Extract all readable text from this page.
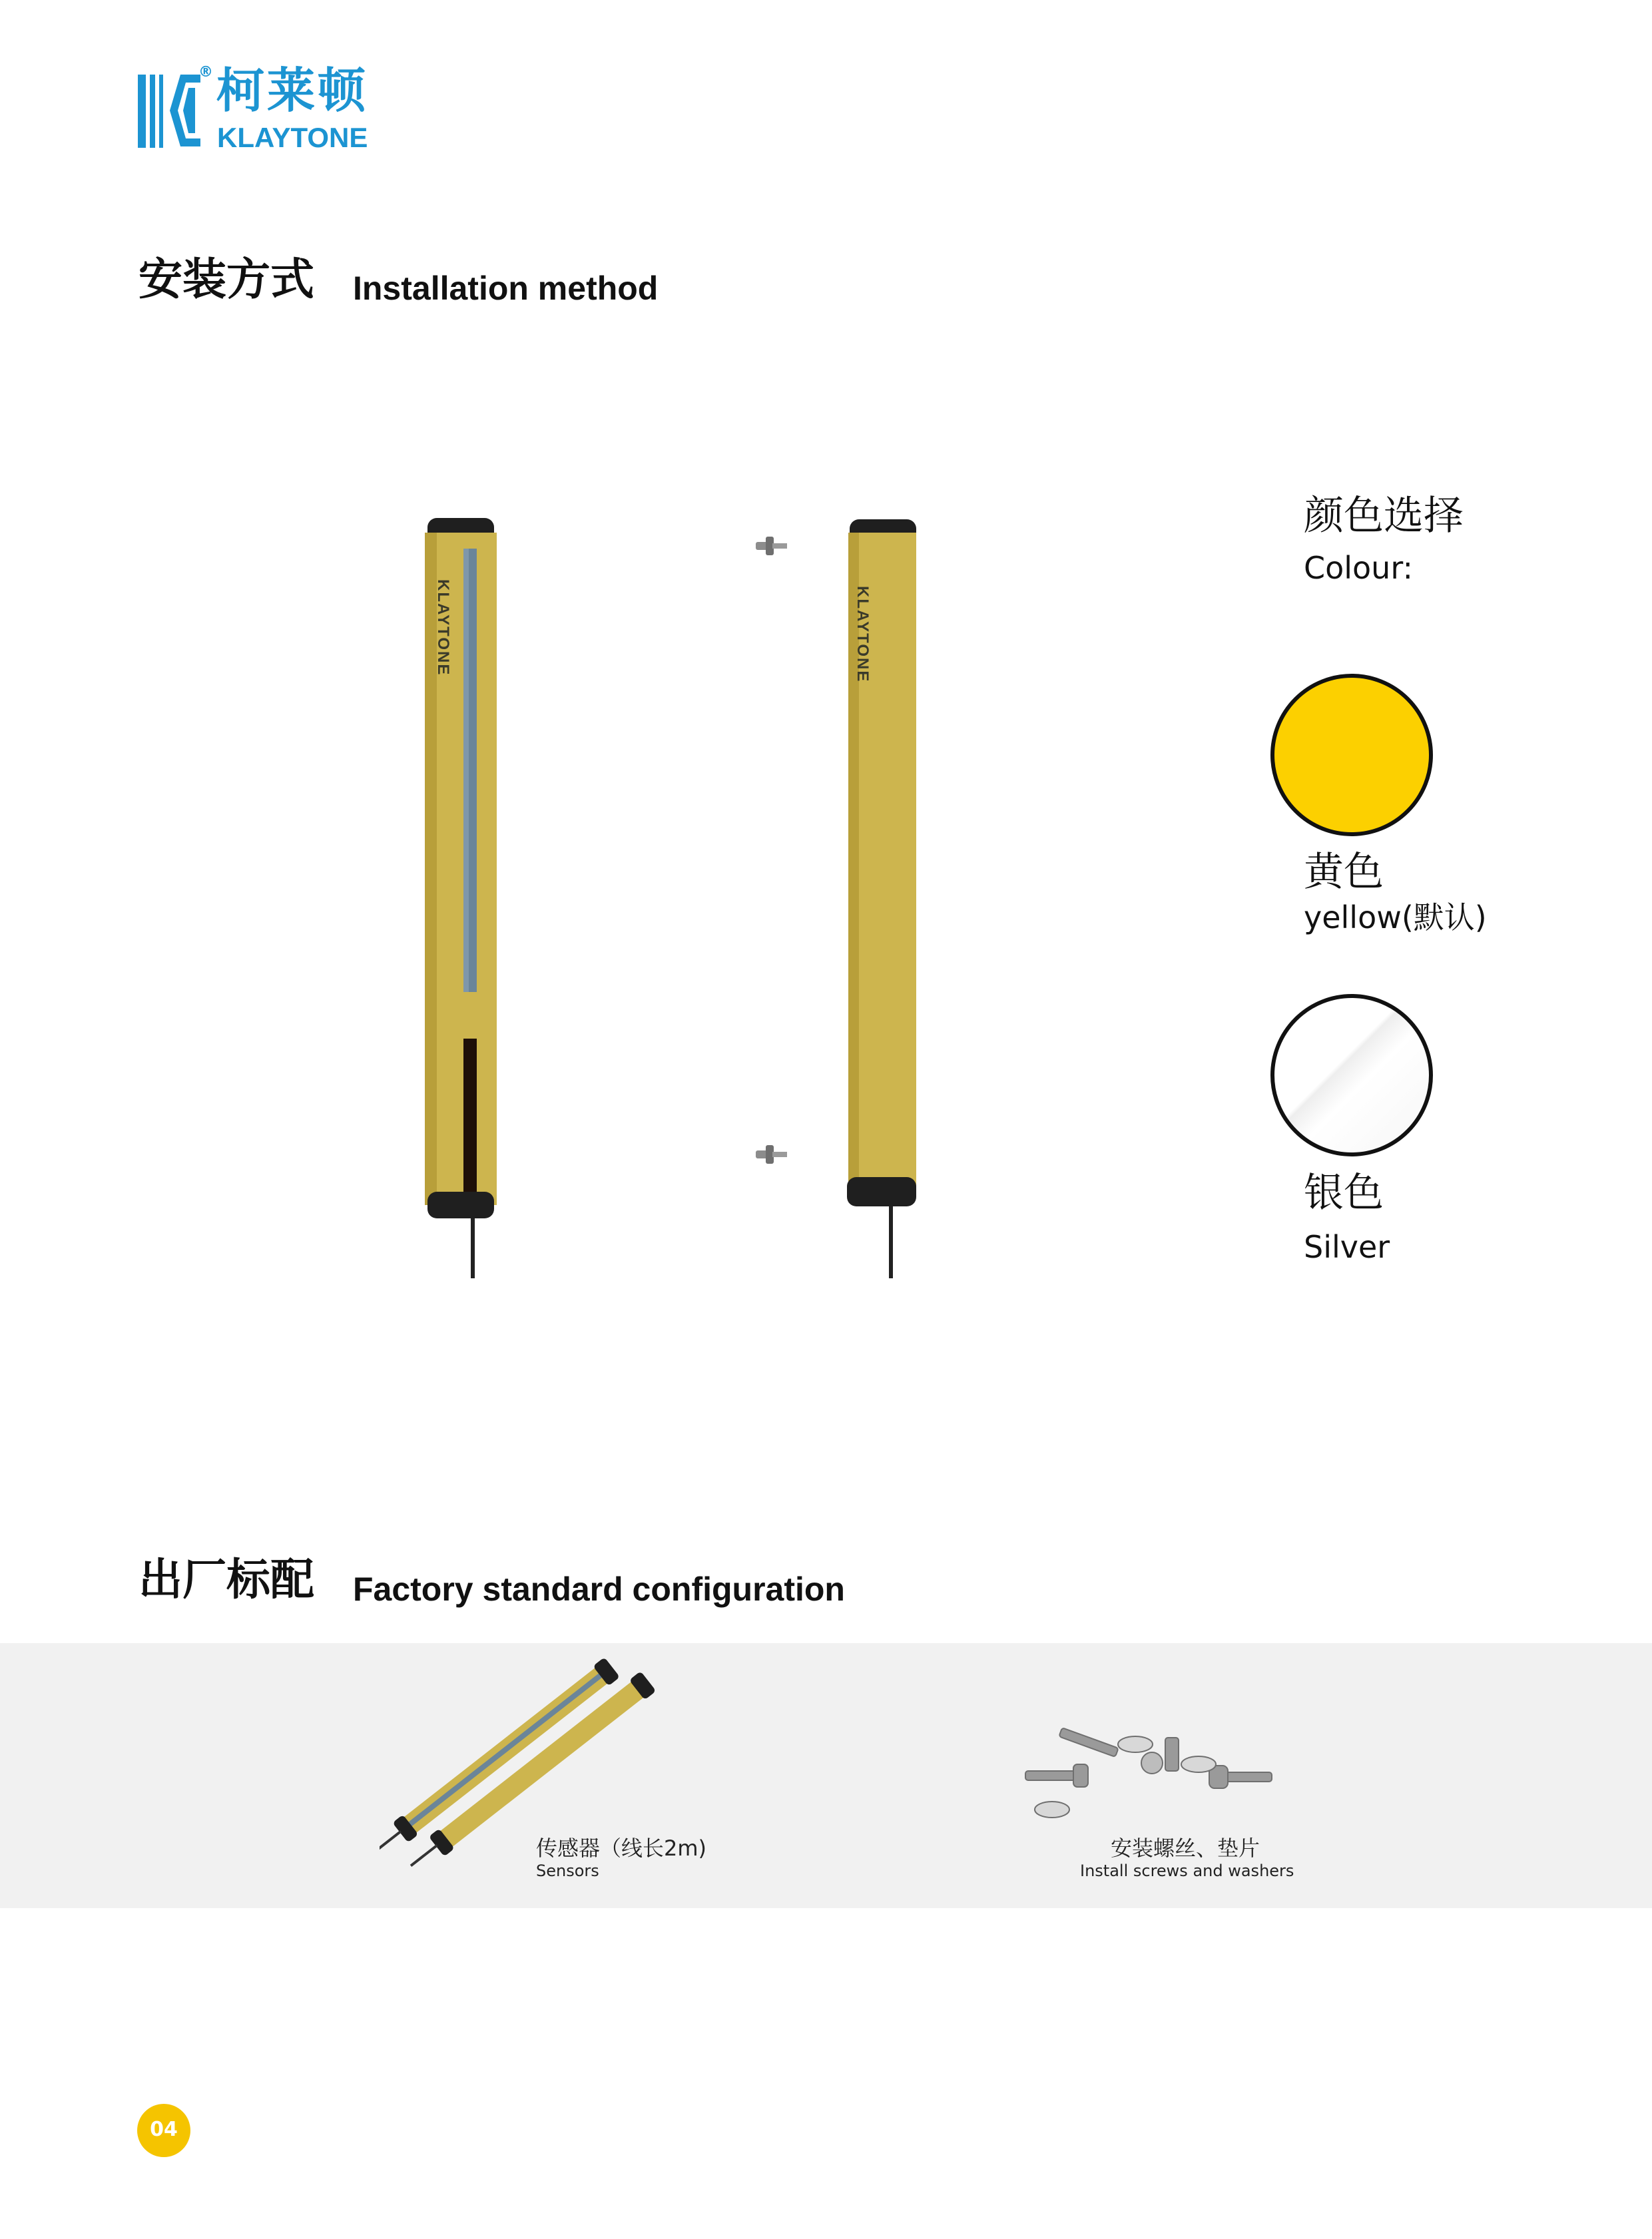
® 柯莱顿
KLAYTONE
安装方式 Installation method
KLAYTONE	KLAYTONE
颜色选择
Colour:
黄色
yellow(默认)
银色
Silver
出厂标配 Factory standard configuration
传感器（线长2m)
Sensors
安装螺丝、垫片
Install screws and washers
04
